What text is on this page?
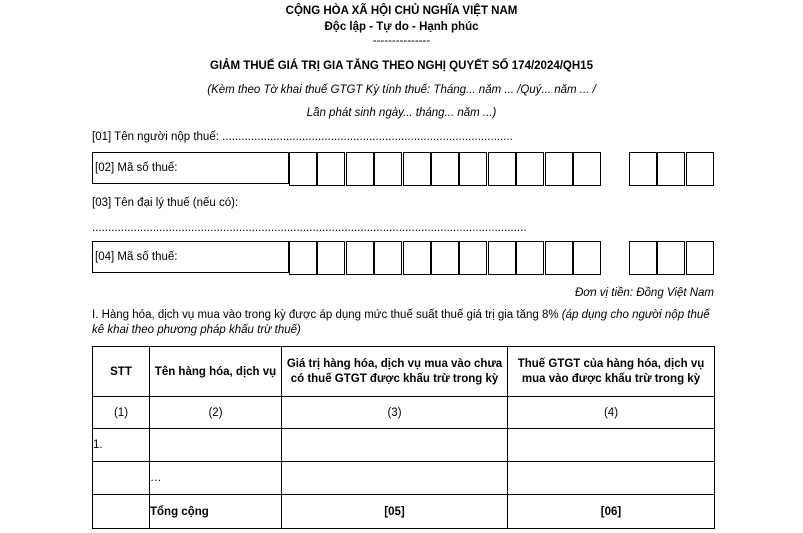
CỘNG HÒA XÃ HỘI CHỦ NGHĨA VIỆT NAM
Độc lập - Tự do - Hạnh phúc
---------------
GIẢM THUẾ GIÁ TRỊ GIA TĂNG THEO NGHỊ QUYẾT SỐ 174/2024/QH15
(Kèm theo Tờ khai thuế GTGT Kỳ tính thuế: Tháng... năm ... /Quý... năm ... /
Lần phát sinh ngày... tháng... năm ...)
[01] Tên người nộp thuế: ...........................................................................................
[02] Mã số thuế:
[03] Tên đại lý thuế (nếu có):
........................................................................................................................................
[04] Mã số thuế:
Đơn vị tiền: Đồng Việt Nam
I. Hàng hóa, dịch vụ mua vào trong kỳ được áp dụng mức thuế suất thuế giá trị gia tăng 8% (áp dụng cho người nộp thuế kê khai theo phương pháp khấu trừ thuế)
STT	Tên hàng hóa, dịch vụ	Giá trị hàng hóa, dịch vụ mua vào chưa có thuế GTGT được khấu trừ trong kỳ	Thuế GTGT của hàng hóa, dịch vụ mua vào được khấu trừ trong kỳ
(1)	(2)	(3)	(4)
1.			
	…		
	Tổng cộng	[05]	[06]
